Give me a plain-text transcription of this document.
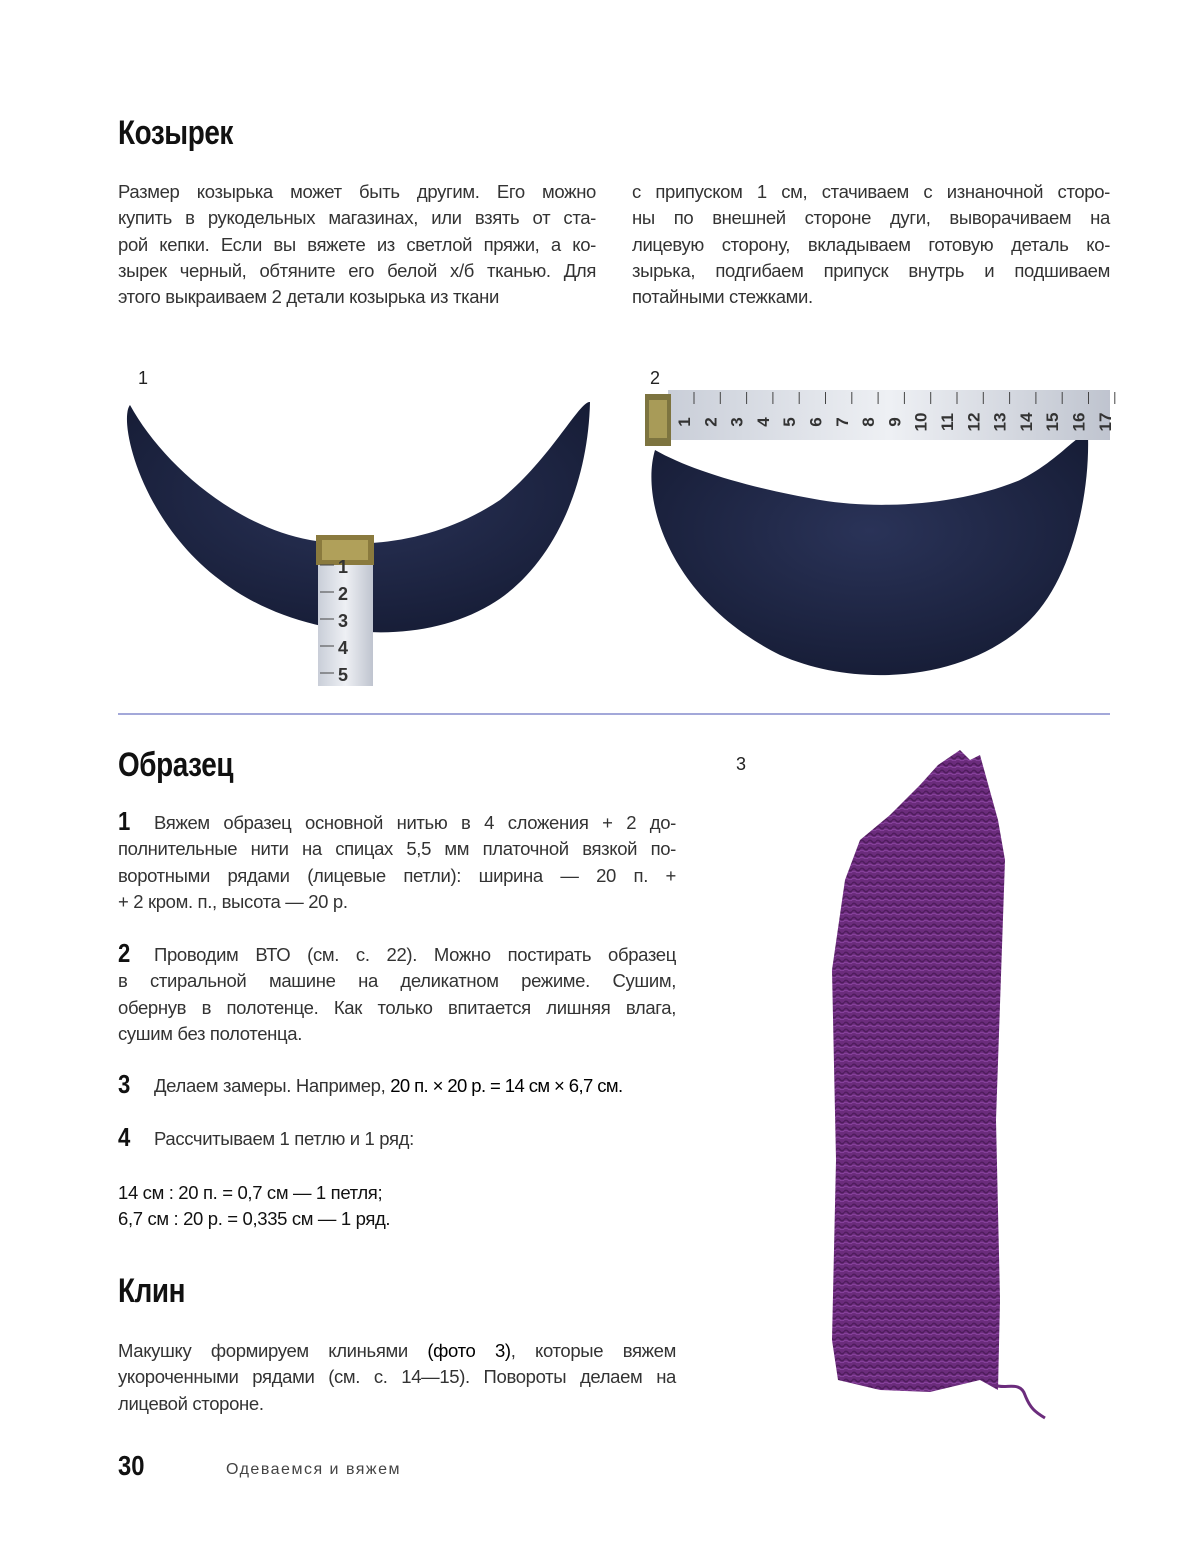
Козырек
Размер козырька может быть другим. Его можно
купить в рукодельных магазинах, или взять от ста-
рой кепки. Если вы вяжете из светлой пряжи, а ко-
зырек черный, обтяните его белой х/б тканью. Для
этого выкраиваем 2 детали козырька из ткани
с припуском 1 см, стачиваем с изнаночной сторо-
ны по внешней стороне дуги, выворачиваем на
лицевую сторону, вкладываем готовую деталь ко-
зырька, подгибаем припуск внутрь и подшиваем
потайными стежками.
1	2
1
2
3
4
5
1 2 3 4 5 6 7 8 9 10 11 12 13 14 15 16 17
Образец
1	Вяжем образец основной нитью в 4 сложения + 2 до-
полнительные нити на спицах 5,5 мм платочной вязкой по-
воротными рядами (лицевые петли): ширина — 20 п. +
+ 2 кром. п., высота — 20 р.
2	Проводим ВТО (см. с. 22). Можно постирать образец
в стиральной машине на деликатном режиме. Сушим,
обернув в полотенце. Как только впитается лишняя влага,
сушим без полотенца.
3 Делаем замеры. Например, 20 п. × 20 р. = 14 см × 6,7 см.
4 Рассчитываем 1 петлю и 1 ряд:
14 см : 20 п. = 0,7 см — 1 петля;
6,7 см : 20 р. = 0,335 см — 1 ряд.
Клин
Макушку формируем клиньями (фото 3), которые вяжем
укороченными рядами (см. с. 14—15). Повороты делаем на
лицевой стороне.
3
30	Одеваемся и вяжем
